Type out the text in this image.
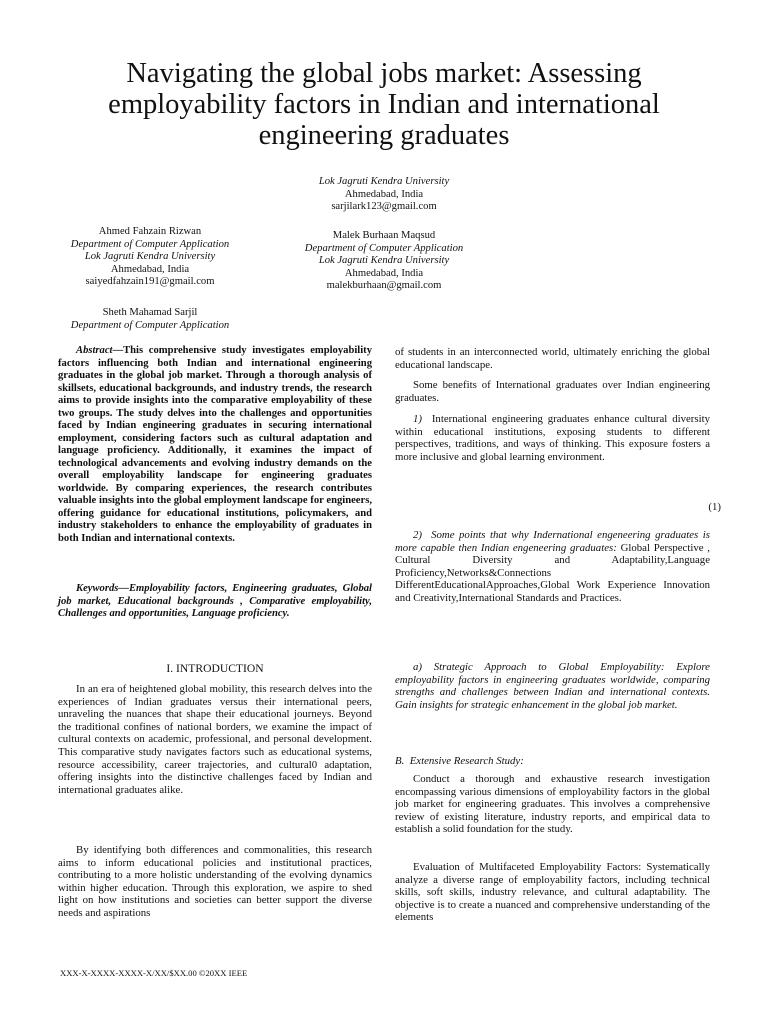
Navigating the global jobs market: Assessing employability factors in Indian and international engineering graduates
Lok Jagruti Kendra University
Ahmedabad, India
sarjilark123@gmail.com
Ahmed Fahzain Rizwan
Department of Computer Application
Lok Jagruti Kendra University
Ahmedabad, India
saiyedfahzain191@gmail.com
Malek Burhaan Maqsud
Department of Computer Application
Lok Jagruti Kendra University
Ahmedabad, India
malekburhaan@gmail.com
Sheth Mahamad Sarjil
Department of Computer Application
Abstract—This comprehensive study investigates employability factors influencing both Indian and international engineering graduates in the global job market. Through a thorough analysis of skillsets, educational backgrounds, and industry trends, the research aims to provide insights into the comparative employability of these two groups. The study delves into the challenges and opportunities faced by Indian engineering graduates in securing international employment, considering factors such as cultural adaptation and language proficiency. Additionally, it examines the impact of technological advancements and evolving industry demands on the overall employability landscape for engineering graduates worldwide. By comparing experiences, the research contributes valuable insights into the global employment landscape for engineers, offering guidance for educational institutions, policymakers, and industry stakeholders to enhance the employability of graduates in both Indian and international contexts.
Keywords—Employability factors, Engineering graduates, Global job market, Educational backgrounds , Comparative employability, Challenges and opportunities, Language proficiency.
I. INTRODUCTION
In an era of heightened global mobility, this research delves into the experiences of Indian graduates versus their international peers, unraveling the nuances that shape their educational journeys. Beyond the traditional confines of national borders, we examine the impact of cultural contexts on academic, professional, and personal development. This comparative study navigates factors such as educational systems, resource accessibility, career trajectories, and cultural0 adaptation, offering insights into the distinctive challenges faced by Indian and international graduates alike.
By identifying both differences and commonalities, this research aims to inform educational policies and institutional practices, contributing to a more holistic understanding of the evolving dynamics within higher education. Through this exploration, we aspire to shed light on how institutions and societies can better support the diverse needs and aspirations
of students in an interconnected world, ultimately enriching the global educational landscape.
Some benefits of International graduates over Indian engineering graduates.
1) International engineering graduates enhance cultural diversity within educational institutions, exposing students to different perspectives, traditions, and ways of thinking. This exposure fosters a more inclusive and global learning environment.
(1)
2) Some points that why Indernational engeneering graduates is more capable then Indian engeneering graduates: Global Perspective , Cultural Diversity and Adaptability,Language Proficiency,Networks&Connections DifferentEducationalApproaches,Global Work Experience Innovation and Creativity,International Standards and Practices.
a) Strategic Approach to Global Employability: Explore employability factors in engineering graduates worldwide, comparing strengths and challenges between Indian and international contexts. Gain insights for strategic enhancement in the global job market.
B. Extensive Research Study:
Conduct a thorough and exhaustive research investigation encompassing various dimensions of employability factors in the global job market for engineering graduates. This involves a comprehensive review of existing literature, industry reports, and empirical data to establish a solid foundation for the study.
Evaluation of Multifaceted Employability Factors: Systematically analyze a diverse range of employability factors, including technical skills, soft skills, industry relevance, and cultural adaptability. The objective is to create a nuanced and comprehensive understanding of the elements
XXX-X-XXXX-XXXX-X/XX/$XX.00 ©20XX IEEE
